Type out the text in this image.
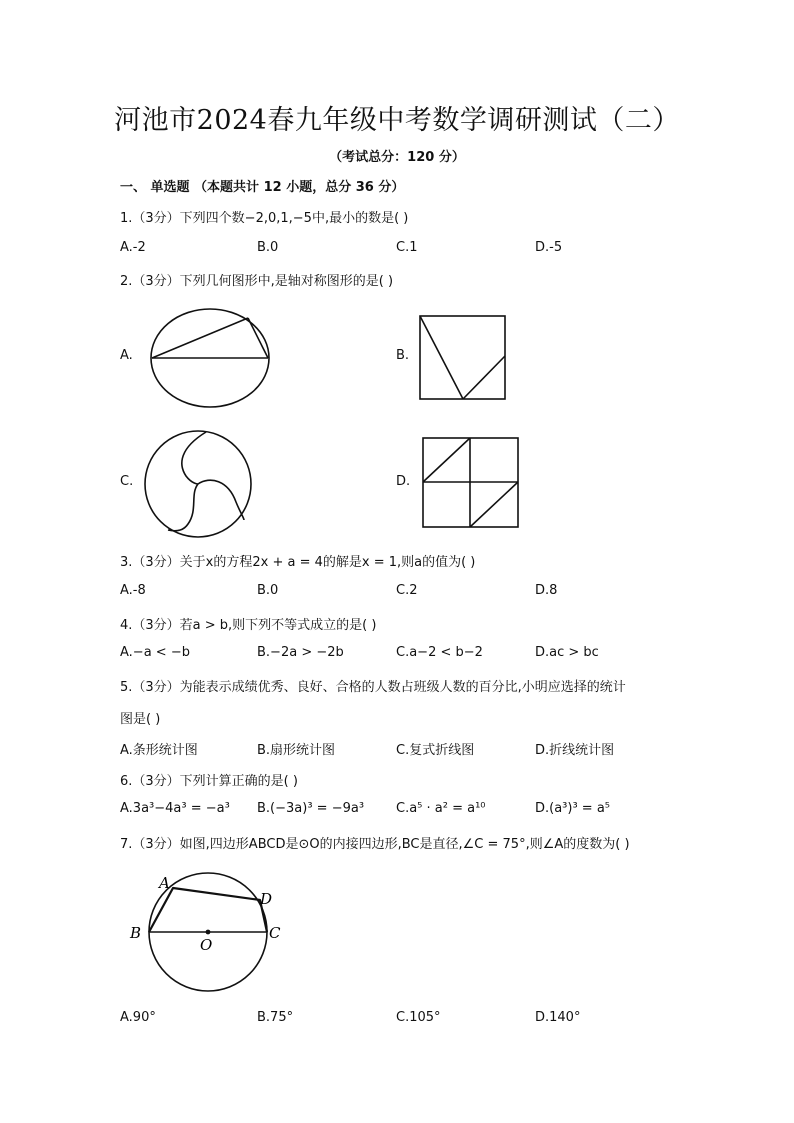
河池市2024春九年级中考数学调研测试（二）
（考试总分：120 分）
一、 单选题 （本题共计 12 小题，总分 36 分）
1.（3分）下列四个数−2,0,1,−5中,最小的数是( )
A.-2	B.0	C.1	D.-5
2.（3分）下列几何图形中,是轴对称图形的是( )
A.	B.
C.	D.
3.（3分）关于x的方程2x + a = 4的解是x = 1,则a的值为( )
A.-8	B.0	C.2	D.8
4.（3分）若a > b,则下列不等式成立的是( )
A.−a < −b	B.−2a > −2b	C.a−2 < b−2	D.ac > bc
5.（3分）为能表示成绩优秀、良好、合格的人数占班级人数的百分比,小明应选择的统计
图是( )
A.条形统计图	B.扇形统计图	C.复式折线图	D.折线统计图
6.（3分）下列计算正确的是( )
A.3a³−4a³ = −a³ B.(−3a)³ = −9a³ C.a⁵ · a² = a¹⁰	D.(a³)³ = a⁵
7.（3分）如图,四边形ABCD是⊙O的内接四边形,BC是直径,∠C = 75°,则∠A的度数为( )
A
D
B
O
C
A.90°	B.75°	C.105°	D.140°
